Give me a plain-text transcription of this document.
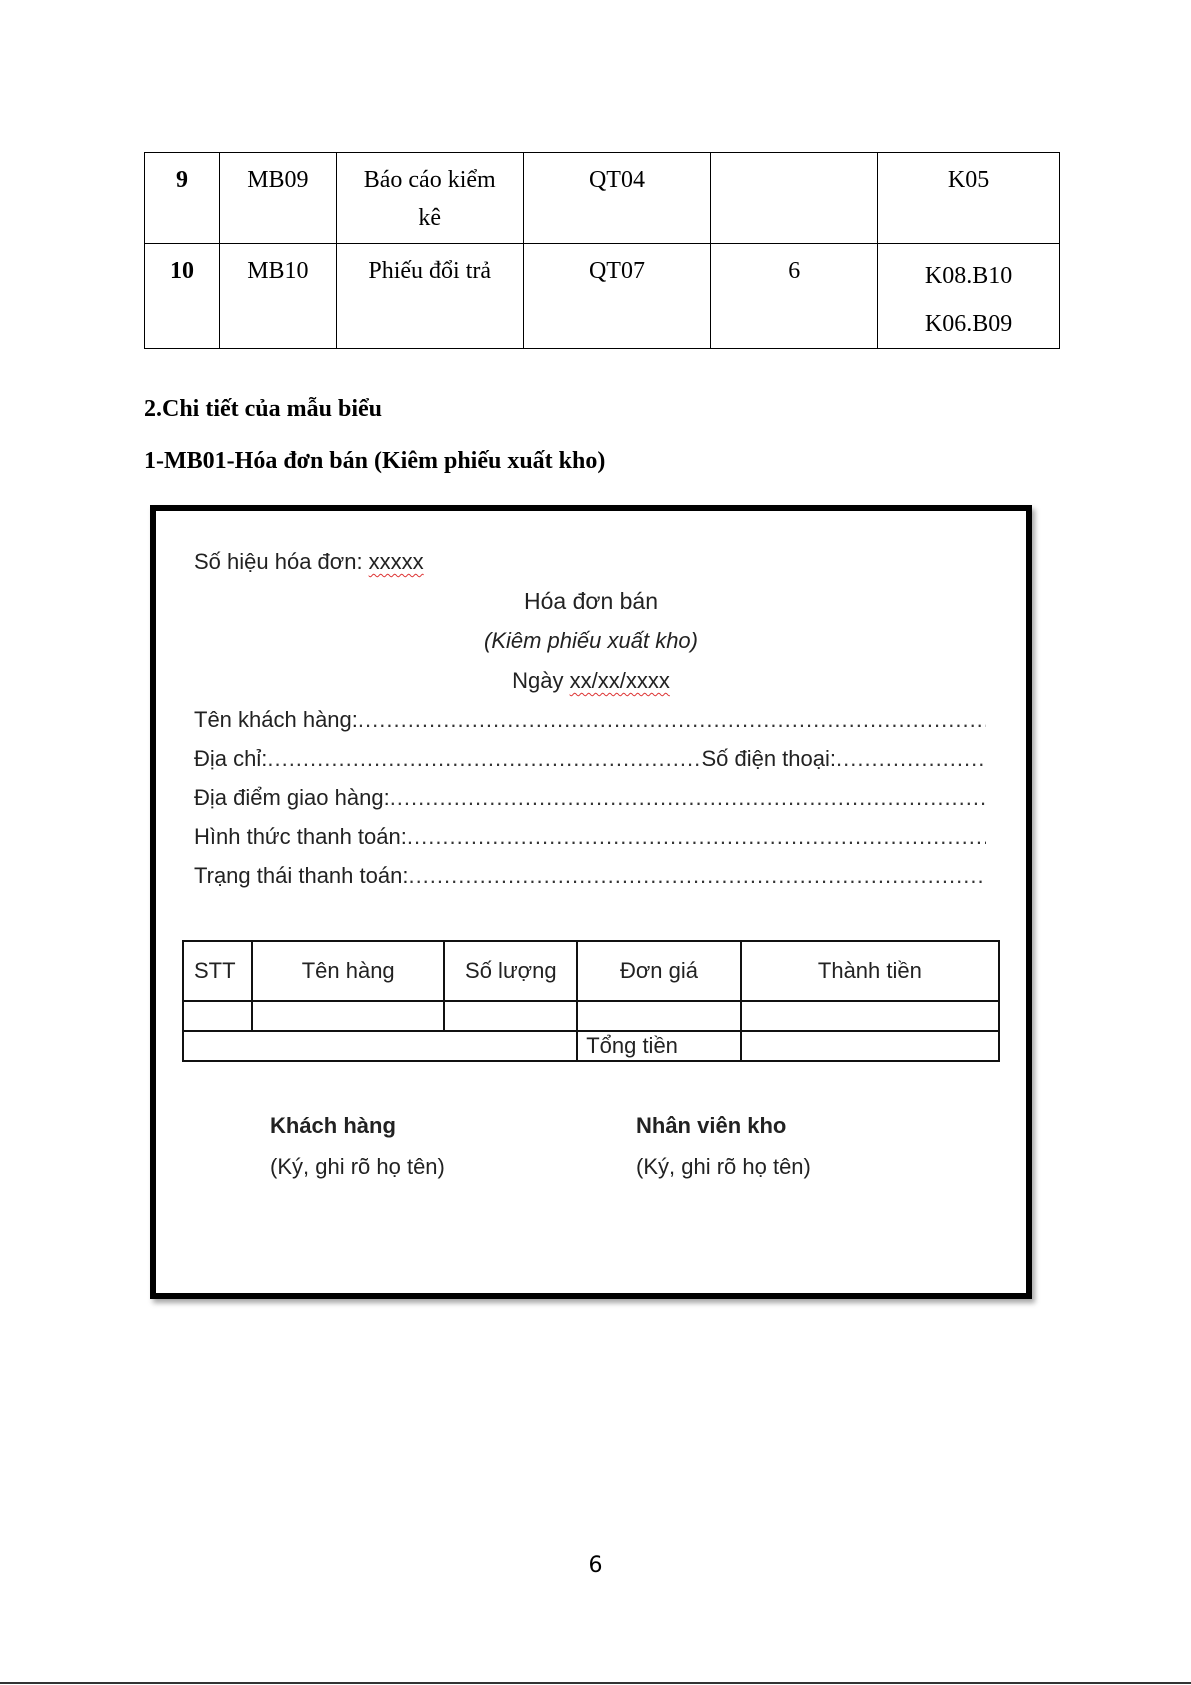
9	MB09	Báo cáo kiểm
kê	QT04		K05
10	MB10	Phiếu đổi trả	QT07	6	K08.B10
K06.B09
2.Chi tiết của mẫu biểu
1-MB01-Hóa đơn bán (Kiêm phiếu xuất kho)
Số hiệu hóa đơn: xxxxx
Hóa đơn bán
(Kiêm phiếu xuất kho)
Ngày xx/xx/xxxx
Tên khách hàng:
.....
Địa chỉ: .....	Số điện thoại:
.....
Địa điểm giao hàng:
.....
Hình thức thanh toán:
.....
Trạng thái thanh toán:
.....
STT	Tên hàng	Số lượng	Đơn giá	Thành tiền

			Tổng tiền	
Khách hàng
(Ký, ghi rõ họ tên)
Nhân viên kho
(Ký, ghi rõ họ tên)
6
